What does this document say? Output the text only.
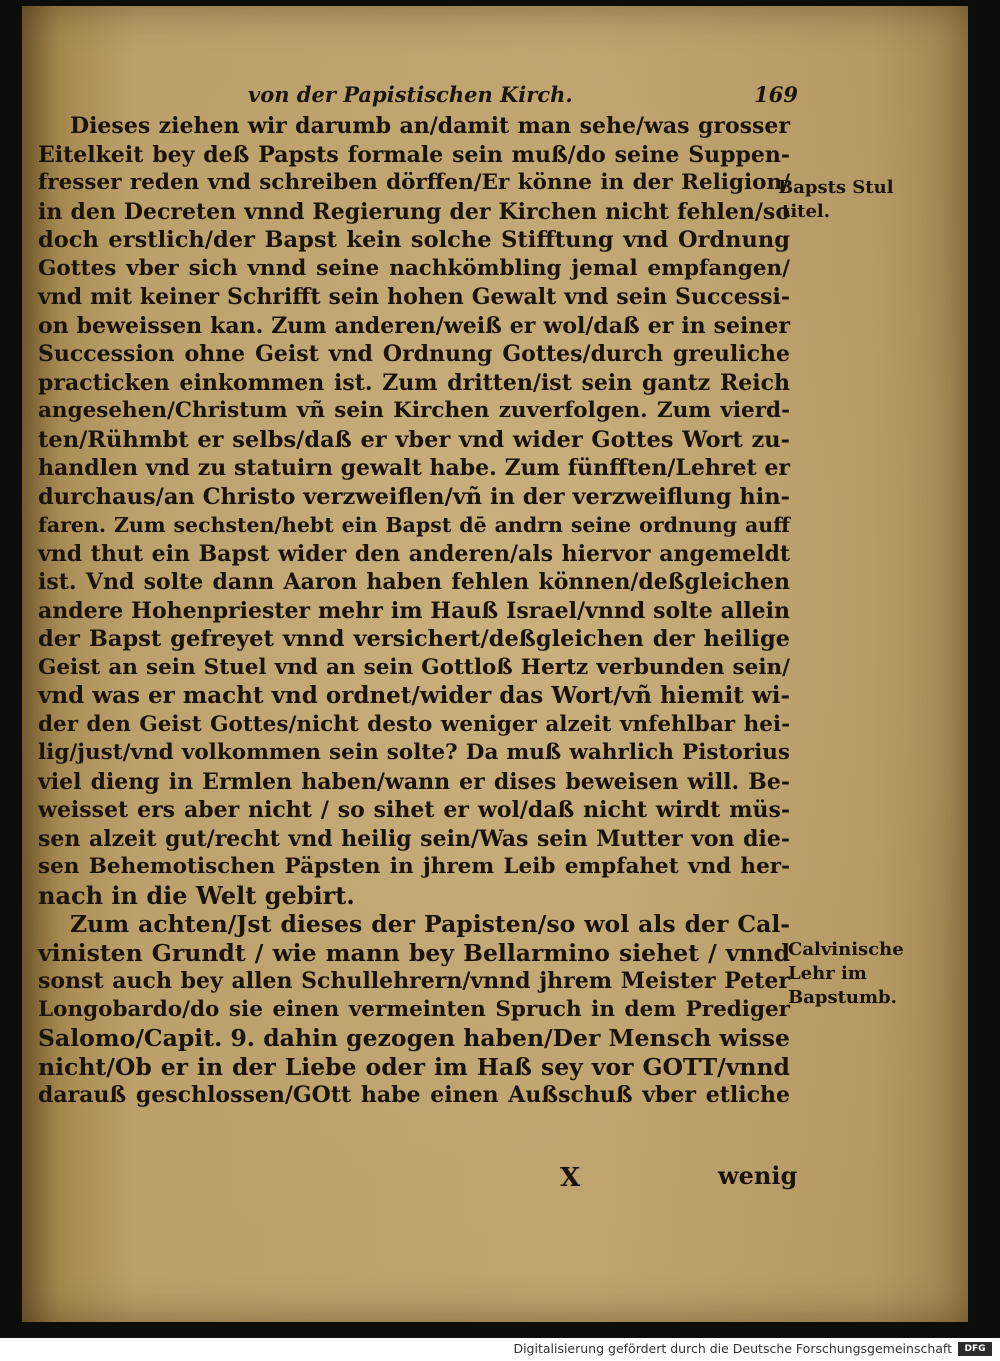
von der Papistischen Kirch.	169
Dieses ziehen wir darumb an/damit man sehe/was grosser
Eitelkeit bey deß Papsts formale sein muß/do seine Suppen-
fresser reden vnd schreiben dörffen/Er könne in der Religion/
in den Decreten vnnd Regierung der Kirchen nicht fehlen/so
doch erstlich/der Bapst kein solche Stifftung vnd Ordnung
Gottes vber sich vnnd seine nachkömbling jemal empfangen/
vnd mit keiner Schrifft sein hohen Gewalt vnd sein Successi-
on beweissen kan. Zum anderen/weiß er wol/daß er in seiner
Succession ohne Geist vnd Ordnung Gottes/durch greuliche
practicken einkommen ist. Zum dritten/ist sein gantz Reich
angesehen/Christum vñ sein Kirchen zuverfolgen. Zum vierd-
ten/Rühmbt er selbs/daß er vber vnd wider Gottes Wort zu-
handlen vnd zu statuirn gewalt habe. Zum fünfften/Lehret er
durchaus/an Christo verzweiflen/vñ in der verzweiflung hin-
faren. Zum sechsten/hebt ein Bapst dē andrn seine ordnung auff
vnd thut ein Bapst wider den anderen/als hiervor angemeldt
ist. Vnd solte dann Aaron haben fehlen können/deßgleichen
andere Hohenpriester mehr im Hauß Israel/vnnd solte allein
der Bapst gefreyet vnnd versichert/deßgleichen der heilige
Geist an sein Stuel vnd an sein Gottloß Hertz verbunden sein/
vnd was er macht vnd ordnet/wider das Wort/vñ hiemit wi-
der den Geist Gottes/nicht desto weniger alzeit vnfehlbar hei-
lig/just/vnd volkommen sein solte? Da muß wahrlich Pistorius
viel dieng in Ermlen haben/wann er dises beweisen will. Be-
weisset ers aber nicht / so sihet er wol/daß nicht wirdt müs-
sen alzeit gut/recht vnd heilig sein/Was sein Mutter von die-
sen Behemotischen Päpsten in jhrem Leib empfahet vnd her-
nach in die Welt gebirt.
Zum achten/Jst dieses der Papisten/so wol als der Cal-
vinisten Grundt / wie mann bey Bellarmino siehet / vnnd
sonst auch bey allen Schullehrern/vnnd jhrem Meister Peter
Longobardo/do sie einen vermeinten Spruch in dem Prediger
Salomo/Capit. 9. dahin gezogen haben/Der Mensch wisse
nicht/Ob er in der Liebe oder im Haß sey vor GOTT/vnnd
darauß geschlossen/GOtt habe einen Außschuß vber etliche
X	wenig
Bapsts Stul
titel.
Calvinische
Lehr im
Bapstumb.
Digitalisierung gefördert durch die Deutsche Forschungsgemeinschaft	DFG
